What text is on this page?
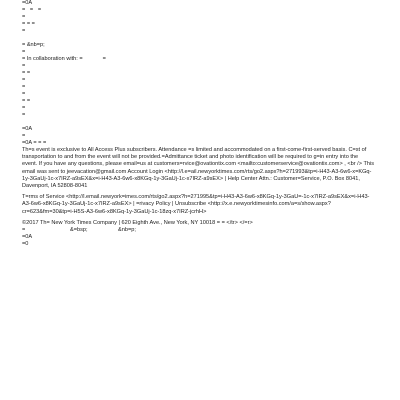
=0A
=   =   =
=
= = =
=
= &nb=p;
=
= In collaboration with: =	=
=
= =
=
=
=
= =
=
=
=0A
=
=0A = = =
Th=s event is exclusive to All Access Plus subscribers. Attendance =s limited and accommodated on a first-come-first-served basis. C=st of transportation to and from the event will not be provided.=Admittance ticket and photo identification will be required to g=in entry into the event. If you have any questions, please email=us at customers=rvice@ovationtix.com <mailto:customerservice@ovationtix.com> , <br /> This email was sent to jeevacation@gmail.com Account Login <http://l.e=ail.newyorktimes.com/rts/go2.aspx?h=271993&tp=i-H43-A3-6w6-x=KGq-1y-3GaUj-1c-x7IRZ-a9sEX&x=i-H43-A3-6w6-x8KGq-1y-3GaUj-1c-x7IRZ-a9sEX> | Help Center Attn.: Customer=Service, P.O. Box 8041, Davenport, IA 52808-8041
T=rms of Service <http://l.email.newyork=imes.com/rts/go2.aspx?h=271995&tp=i-H43-A3-6w6-x8KGq-1y-3GaU=-1c-x7IRZ-a9sEX&x=i-H43-A3-6w6-x8KGq-1y-3GaUj-1c-x7IRZ-a9sEX> | =rivacy Policy | Unsubscribe <http://x.e.newyorktimesinfo.com/a=s/show.aspx?cr=623&fm=30&tp=i-H5S-A3-6w6-x8KGq-1y-3GaUj-1c-18zq-x7IRZ-jcrhH>
©2017 Th= New York Times Company | 620 Eighth Ave., New York, NY 10018 = = </tr> </=r>
=	&=bsp;	&nb=p;
=0A
=0
